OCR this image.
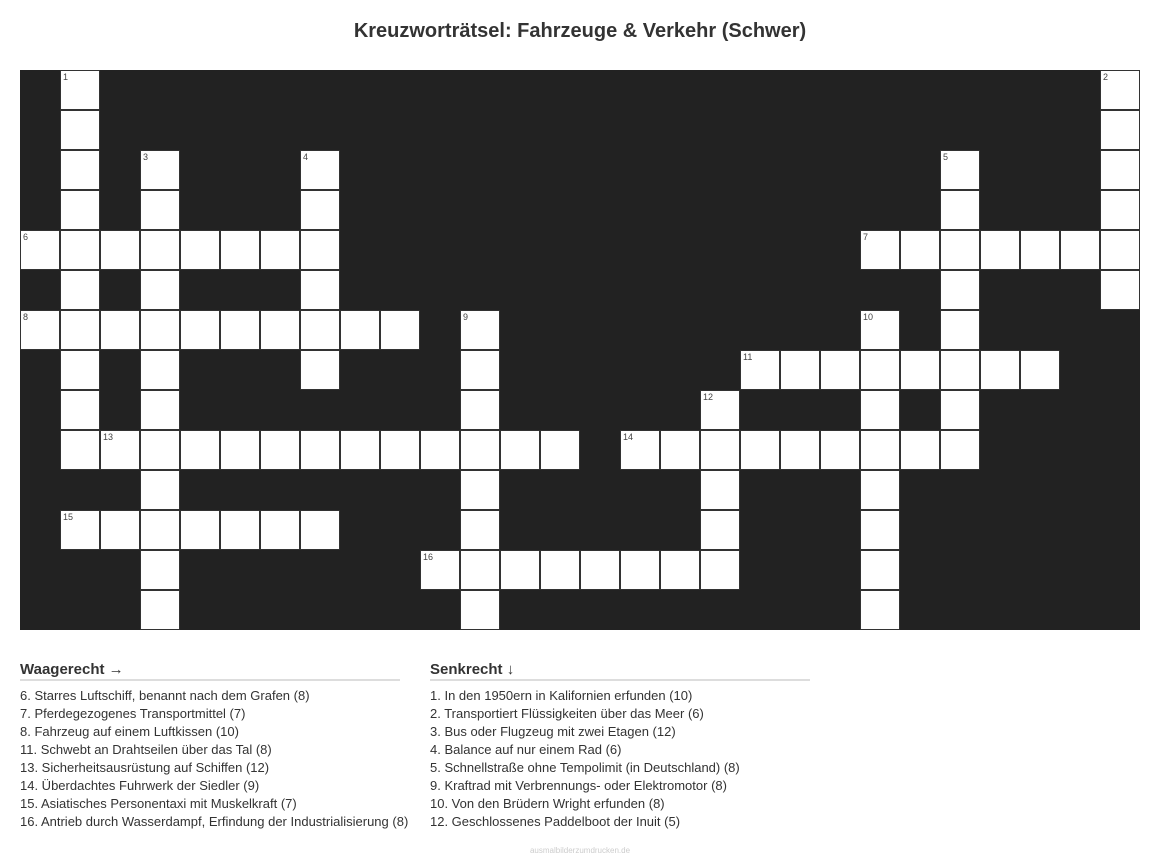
Kreuzworträtsel: Fahrzeuge & Verkehr (Schwer)
1	2
3	4	5
6	7
8	9	10
11
12
13	14
15
16
Waagerecht →
6. Starres Luftschiff, benannt nach dem Grafen (8)
7. Pferdegezogenes Transportmittel (7)
8. Fahrzeug auf einem Luftkissen (10)
11. Schwebt an Drahtseilen über das Tal (8)
13. Sicherheitsausrüstung auf Schiffen (12)
14. Überdachtes Fuhrwerk der Siedler (9)
15. Asiatisches Personentaxi mit Muskelkraft (7)
16. Antrieb durch Wasserdampf, Erfindung der Industrialisierung (8)
Senkrecht ↓
1. In den 1950ern in Kalifornien erfunden (10)
2. Transportiert Flüssigkeiten über das Meer (6)
3. Bus oder Flugzeug mit zwei Etagen (12)
4. Balance auf nur einem Rad (6)
5. Schnellstraße ohne Tempolimit (in Deutschland) (8)
9. Kraftrad mit Verbrennungs- oder Elektromotor (8)
10. Von den Brüdern Wright erfunden (8)
12. Geschlossenes Paddelboot der Inuit (5)
ausmalbilderzumdrucken.de
